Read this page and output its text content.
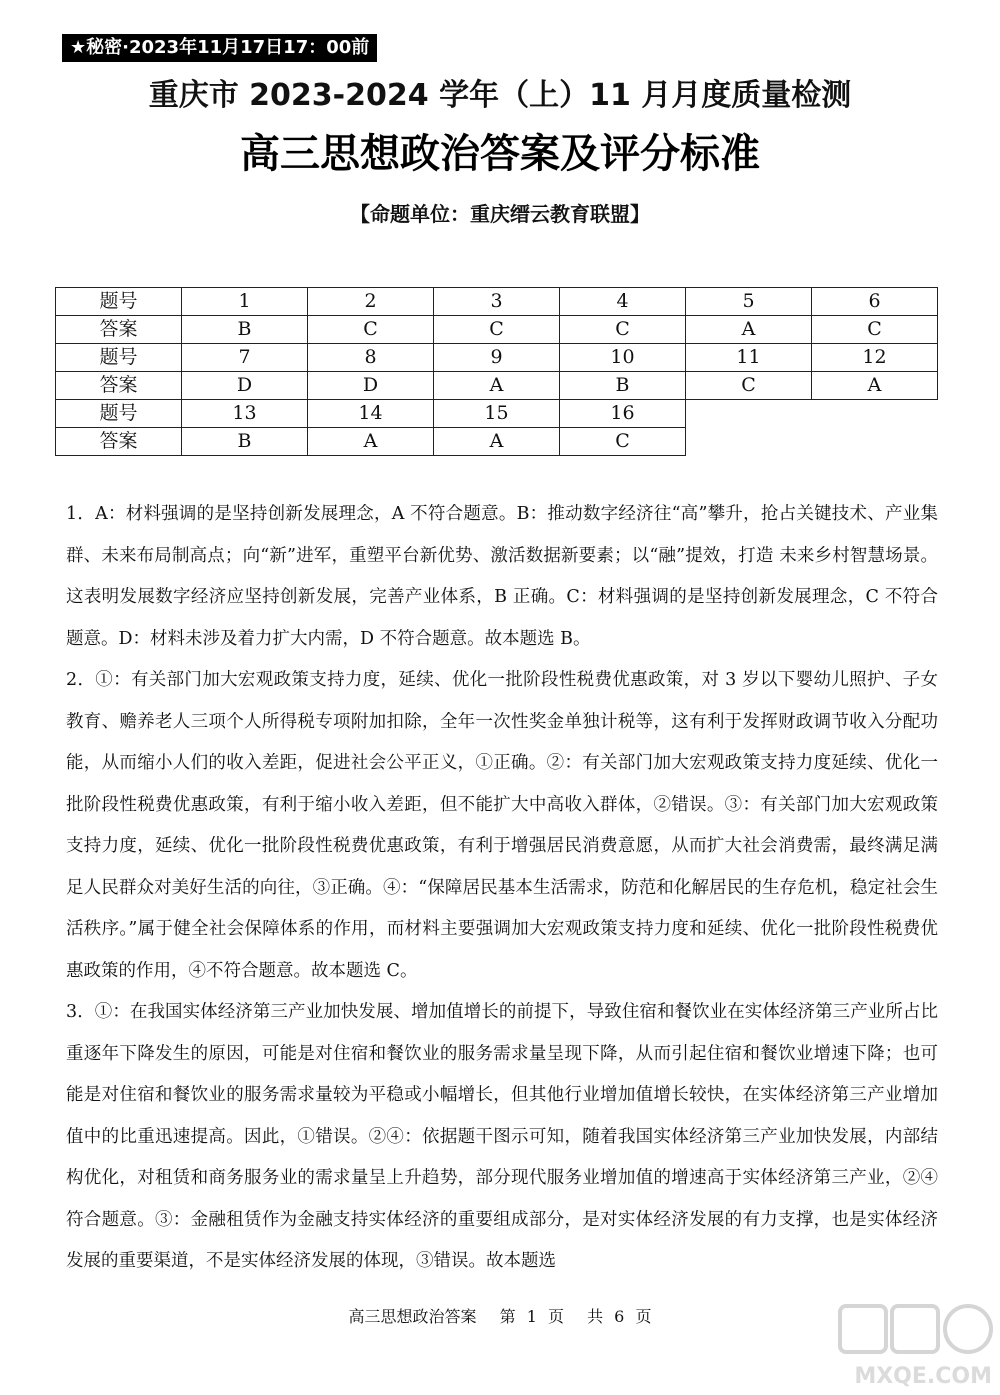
★秘密·2023年11月17日17：00前
重庆市 2023-2024 学年（上）11 月月度质量检测
高三思想政治答案及评分标准
【命题单位：重庆缙云教育联盟】
题号	1	2	3	4	5	6
答案	B	C	C	C	A	C
题号	7	8	9	10	11	12
答案	D	D	A	B	C	A
题号	13	14	15	16		
答案	B	A	A	C		

1．A：材料强调的是坚持创新发展理念，A 不符合题意。B：推动数字经济往“高”攀升，抢占关键技术、产业集群、未来布局制高点；向“新”进军，重塑平台新优势、激活数据新要素；以“融”提效，打造 未来乡村智慧场景。这表明发展数字经济应坚持创新发展，完善产业体系，B 正确。C：材料强调的是坚持创新发展理念，C 不符合题意。D：材料未涉及着力扩大内需，D 不符合题意。故本题选 B。

2．①：有关部门加大宏观政策支持力度，延续、优化一批阶段性税费优惠政策，对 3 岁以下婴幼儿照护、子女教育、赡养老人三项个人所得税专项附加扣除，全年一次性奖金单独计税等，这有利于发挥财政调节收入分配功能，从而缩小人们的收入差距，促进社会公平正义，①正确。②：有关部门加大宏观政策支持力度延续、优化一批阶段性税费优惠政策，有利于缩小收入差距，但不能扩大中高收入群体，②错误。③：有关部门加大宏观政策支持力度，延续、优化一批阶段性税费优惠政策，有利于增强居民消费意愿，从而扩大社会消费需，最终满足满足人民群众对美好生活的向往，③正确。④：“保障居民基本生活需求，防范和化解居民的生存危机，稳定社会生活秩序。”属于健全社会保障体系的作用，而材料主要强调加大宏观政策支持力度和延续、优化一批阶段性税费优惠政策的作用，④不符合题意。故本题选 C。

3．①：在我国实体经济第三产业加快发展、增加值增长的前提下，导致住宿和餐饮业在实体经济第三产业所占比重逐年下降发生的原因，可能是对住宿和餐饮业的服务需求量呈现下降，从而引起住宿和餐饮业增速下降；也可能是对住宿和餐饮业的服务需求量较为平稳或小幅增长，但其他行业增加值增长较快，在实体经济第三产业增加值中的比重迅速提高。因此，①错误。②④：依据题干图示可知，随着我国实体经济第三产业加快发展，内部结构优化，对租赁和商务服务业的需求量呈上升趋势，部分现代服务业增加值的增速高于实体经济第三产业，②④符合题意。③：金融租赁作为金融支持实体经济的重要组成部分，是对实体经济发展的有力支撑，也是实体经济发展的重要渠道，不是实体经济发展的体现，③错误。故本题选

高三思想政治答案 第 1 页 共 6 页
MXQE.COM
